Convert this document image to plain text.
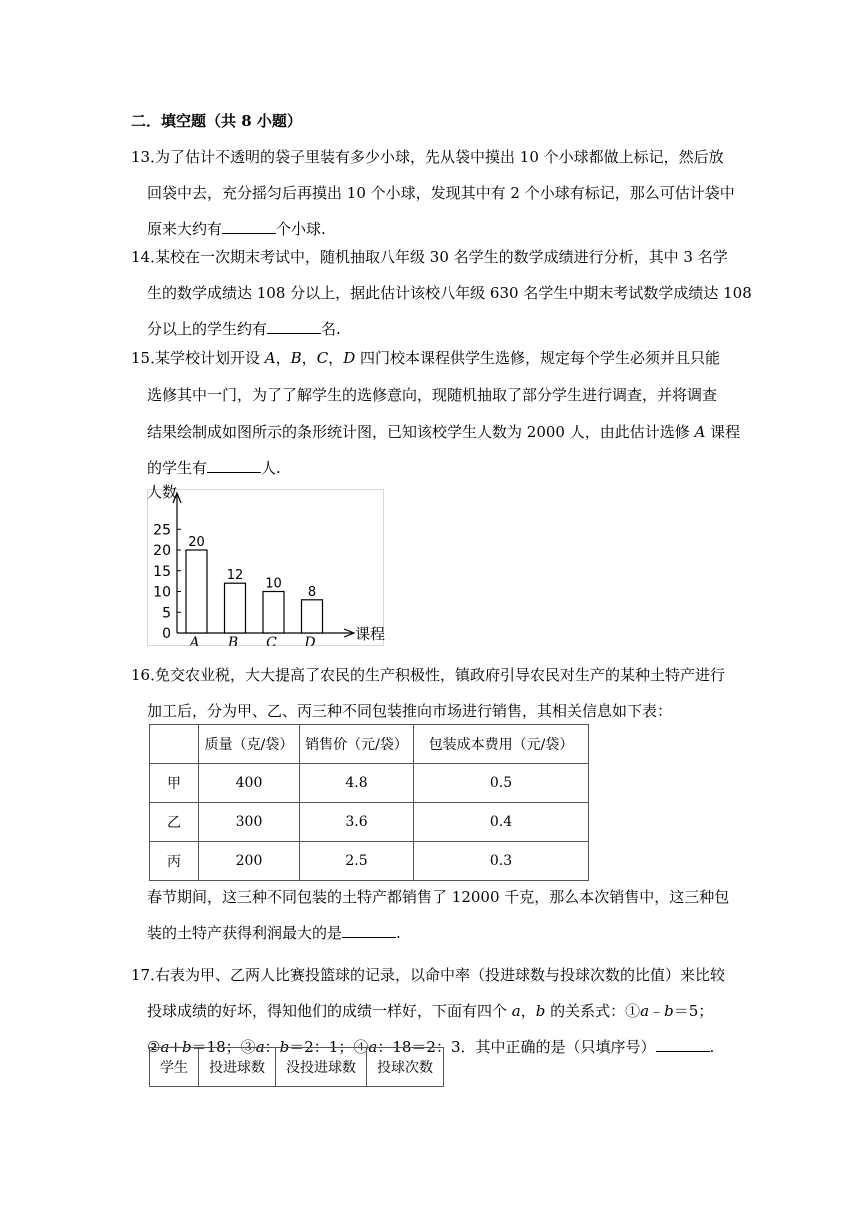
二．填空题（共 8 小题）
13．
为了估计不透明的袋子里装有多少小球，先从袋中摸出 10 个小球都做上标记，然后放
回袋中去，充分摇匀后再摸出 10 个小球，发现其中有 2 个小球有标记，那么可估计袋中
原来大约有	个小球.
14．
某校在一次期末考试中，随机抽取八年级 30 名学生的数学成绩进行分析，其中 3 名学
生的数学成绩达 108 分以上，据此估计该校八年级 630 名学生中期末考试数学成绩达 108
分以上的学生约有	名.
15．
某学校计划开设 A，B，C，D 四门校本课程供学生选修，规定每个学生必须并且只能
选修其中一门，为了了解学生的选修意向，现随机抽取了部分学生进行调查，并将调查
结果绘制成如图所示的条形统计图，已知该校学生人数为 2000 人，由此估计选修 A 课程
的学生有	人.
人数
课程
0
5
10
15
20
25
20
A
12
B
10
C
8
D
16．
免交农业税，大大提高了农民的生产积极性，镇政府引导农民对生产的某种土特产进行
加工后，分为甲、乙、丙三种不同包装推向市场进行销售，其相关信息如下表：
	质量（克/袋）	销售价（元/袋）	包装成本费用（元/袋）
甲	400	4.8	0.5
乙	300	3.6	0.4
丙	200	2.5	0.3
春节期间，这三种不同包装的土特产都销售了 12000 千克，那么本次销售中，这三种包
装的土特产获得利润最大的是	.
17．
右表为甲、乙两人比赛投篮球的记录，以命中率（投进球数与投球次数的比值）来比较
投球成绩的好坏，得知他们的成绩一样好，下面有四个 a，b 的关系式：①a﹣b＝5；
②a+b＝18；③a：b＝2：1；④a：18＝2：3．其中正确的是（只填序号）	.
学生	投进球数	没投进球数	投球次数
